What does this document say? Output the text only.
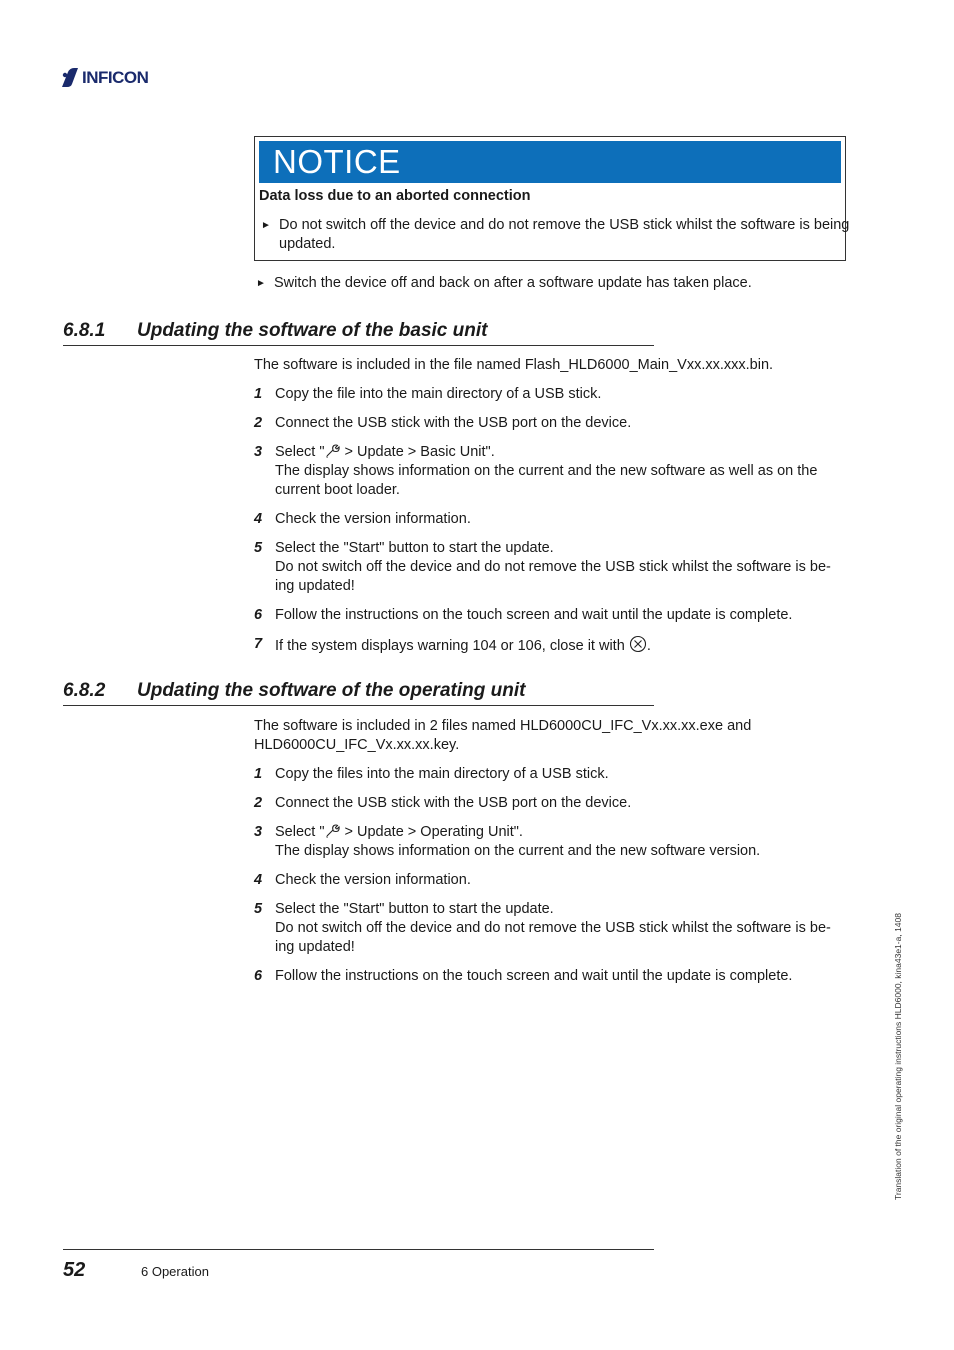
INFICON
NOTICE
Data loss due to an aborted connection
► Do not switch off the device and do not remove the USB stick whilst the software is being updated.
► Switch the device off and back on after a software update has taken place.
6.8.1 Updating the software of the basic unit
The software is included in the file named Flash_HLD6000_Main_Vxx.xx.xxx.bin.
1 Copy the file into the main directory of a USB stick.
2 Connect the USB stick with the USB port on the device.
3 Select " > Update > Basic Unit".
The display shows information on the current and the new software as well as on the current boot loader.
4 Check the version information.
5 Select the "Start" button to start the update.
Do not switch off the device and do not remove the USB stick whilst the software is be-ing updated!
6 Follow the instructions on the touch screen and wait until the update is complete.
7 If the system displays warning 104 or 106, close it with .
6.8.2 Updating the software of the operating unit
The software is included in 2 files named HLD6000CU_IFC_Vx.xx.xx.exe and HLD6000CU_IFC_Vx.xx.xx.key.
1 Copy the files into the main directory of a USB stick.
2 Connect the USB stick with the USB port on the device.
3 Select " > Update > Operating Unit".
The display shows information on the current and the new software version.
4 Check the version information.
5 Select the "Start" button to start the update.
Do not switch off the device and do not remove the USB stick whilst the software is be-ing updated!
6 Follow the instructions on the touch screen and wait until the update is complete.	Translation of the original operating instructions HLD6000, kina43e1-a, 1408
52	6 Operation
